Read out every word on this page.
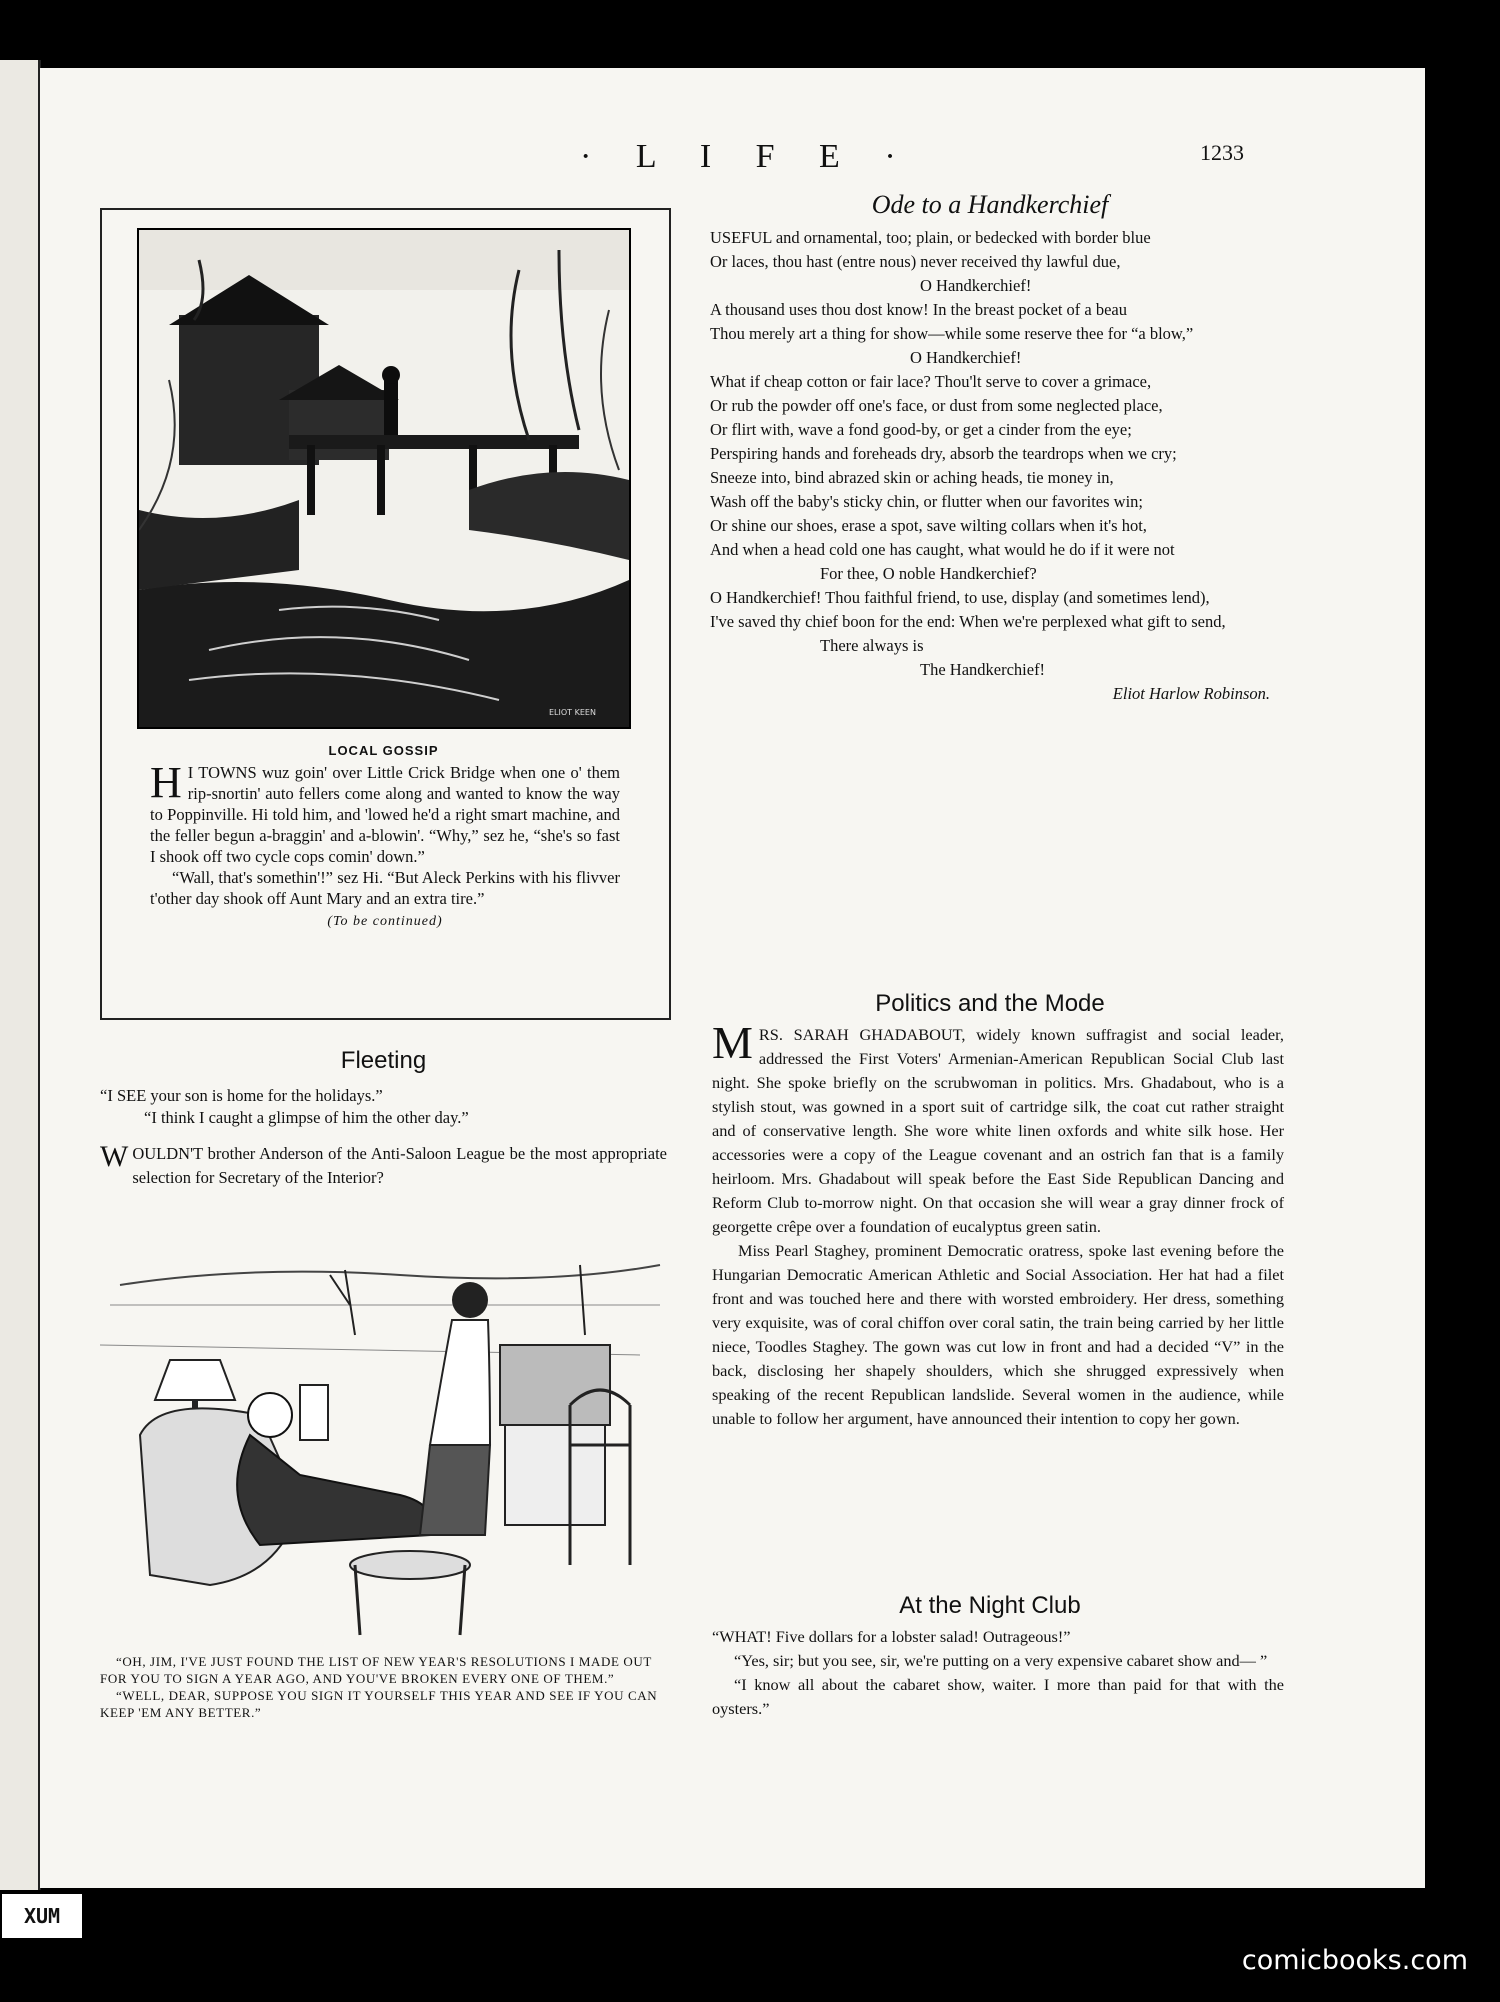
· L I F E ·	1233
ELIOT KEEN
LOCAL GOSSIP

H I TOWNS wuz goin' over Little Crick Bridge when one o' them rip-snortin' auto fellers come along and wanted to know the way to Poppinville. Hi told him, and 'lowed he'd a right smart machine, and the feller begun a-braggin' and a-blowin'. “Why,” sez he, “she's so fast I shook off two cycle cops comin' down.”

“Wall, that's somethin'!” sez Hi. “But Aleck Perkins with his flivver t'other day shook off Aunt Mary and an extra tire.”

(To be continued)
Fleeting

“I SEE your son is home for the holidays.”

“I think I caught a glimpse of him the other day.”

WOULDN'T brother Anderson of the Anti-Saloon League be the most appropriate selection for Secretary of the Interior?

“OH, JIM, I'VE JUST FOUND THE LIST OF NEW YEAR'S RESOLUTIONS I MADE OUT FOR YOU TO SIGN A YEAR AGO, AND YOU'VE BROKEN EVERY ONE OF THEM.”

“WELL, DEAR, SUPPOSE YOU SIGN IT YOURSELF THIS YEAR AND SEE IF YOU CAN KEEP 'EM ANY BETTER.”

Ode to a Handkerchief

USEFUL and ornamental, too; plain, or bedecked with border blue

Or laces, thou hast (entre nous) never received thy lawful due,

O Handkerchief!

A thousand uses thou dost know! In the breast pocket of a beau

Thou merely art a thing for show—while some reserve thee for “a blow,”

O Handkerchief!

What if cheap cotton or fair lace? Thou'lt serve to cover a grimace,

Or rub the powder off one's face, or dust from some neglected place,

Or flirt with, wave a fond good-by, or get a cinder from the eye;

Perspiring hands and foreheads dry, absorb the teardrops when we cry;

Sneeze into, bind abrazed skin or aching heads, tie money in,

Wash off the baby's sticky chin, or flutter when our favorites win;

Or shine our shoes, erase a spot, save wilting collars when it's hot,

And when a head cold one has caught, what would he do if it were not

For thee, O noble Handkerchief?

O Handkerchief! Thou faithful friend, to use, display (and sometimes lend),

I've saved thy chief boon for the end: When we're perplexed what gift to send,

There always is

The Handkerchief!

Eliot Harlow Robinson.

Politics and the Mode

MRS. SARAH GHADABOUT, widely known suffragist and social leader, addressed the First Voters' Armenian-American Republican Social Club last night. She spoke briefly on the scrubwoman in politics. Mrs. Ghadabout, who is a stylish stout, was gowned in a sport suit of cartridge silk, the coat cut rather straight and of conservative length. She wore white linen oxfords and white silk hose. Her accessories were a copy of the League covenant and an ostrich fan that is a family heirloom. Mrs. Ghadabout will speak before the East Side Republican Dancing and Reform Club to-morrow night. On that occasion she will wear a gray dinner frock of georgette crêpe over a foundation of eucalyptus green satin.

Miss Pearl Staghey, prominent Democratic oratress, spoke last evening before the Hungarian Democratic American Athletic and Social Association. Her hat had a filet front and was touched here and there with worsted embroidery. Her dress, something very exquisite, was of coral chiffon over coral satin, the train being carried by her little niece, Toodles Staghey. The gown was cut low in front and had a decided “V” in the back, disclosing her shapely shoulders, which she shrugged expressively when speaking of the recent Republican landslide. Several women in the audience, while unable to follow her argument, have announced their intention to copy her gown.

At the Night Club

“WHAT! Five dollars for a lobster salad! Outrageous!”

“Yes, sir; but you see, sir, we're putting on a very expensive cabaret show and— ”

“I know all about the cabaret show, waiter. I more than paid for that with the oysters.”

XUM
comicbooks.com
